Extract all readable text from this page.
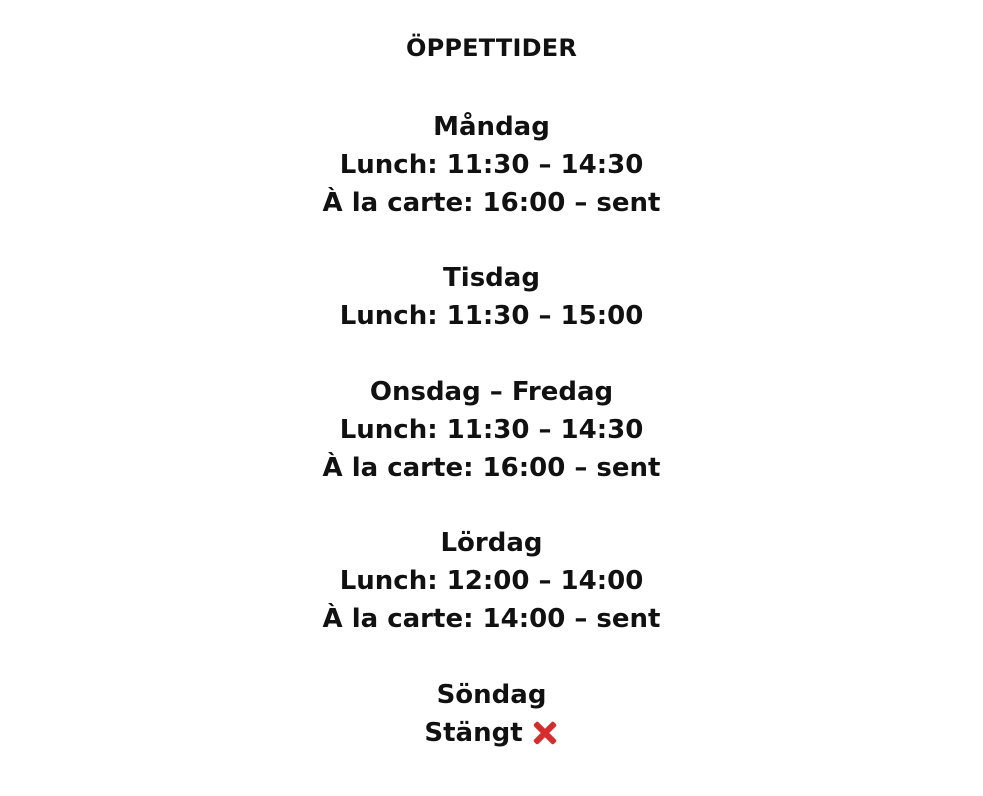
ÖPPETTIDER

Måndag

Lunch: 11:30 – 14:30

À la carte: 16:00 – sent

Tisdag

Lunch: 11:30 – 15:00

Onsdag – Fredag

Lunch: 11:30 – 14:30

À la carte: 16:00 – sent

Lördag

Lunch: 12:00 – 14:00

À la carte: 14:00 – sent

Söndag

Stängt
